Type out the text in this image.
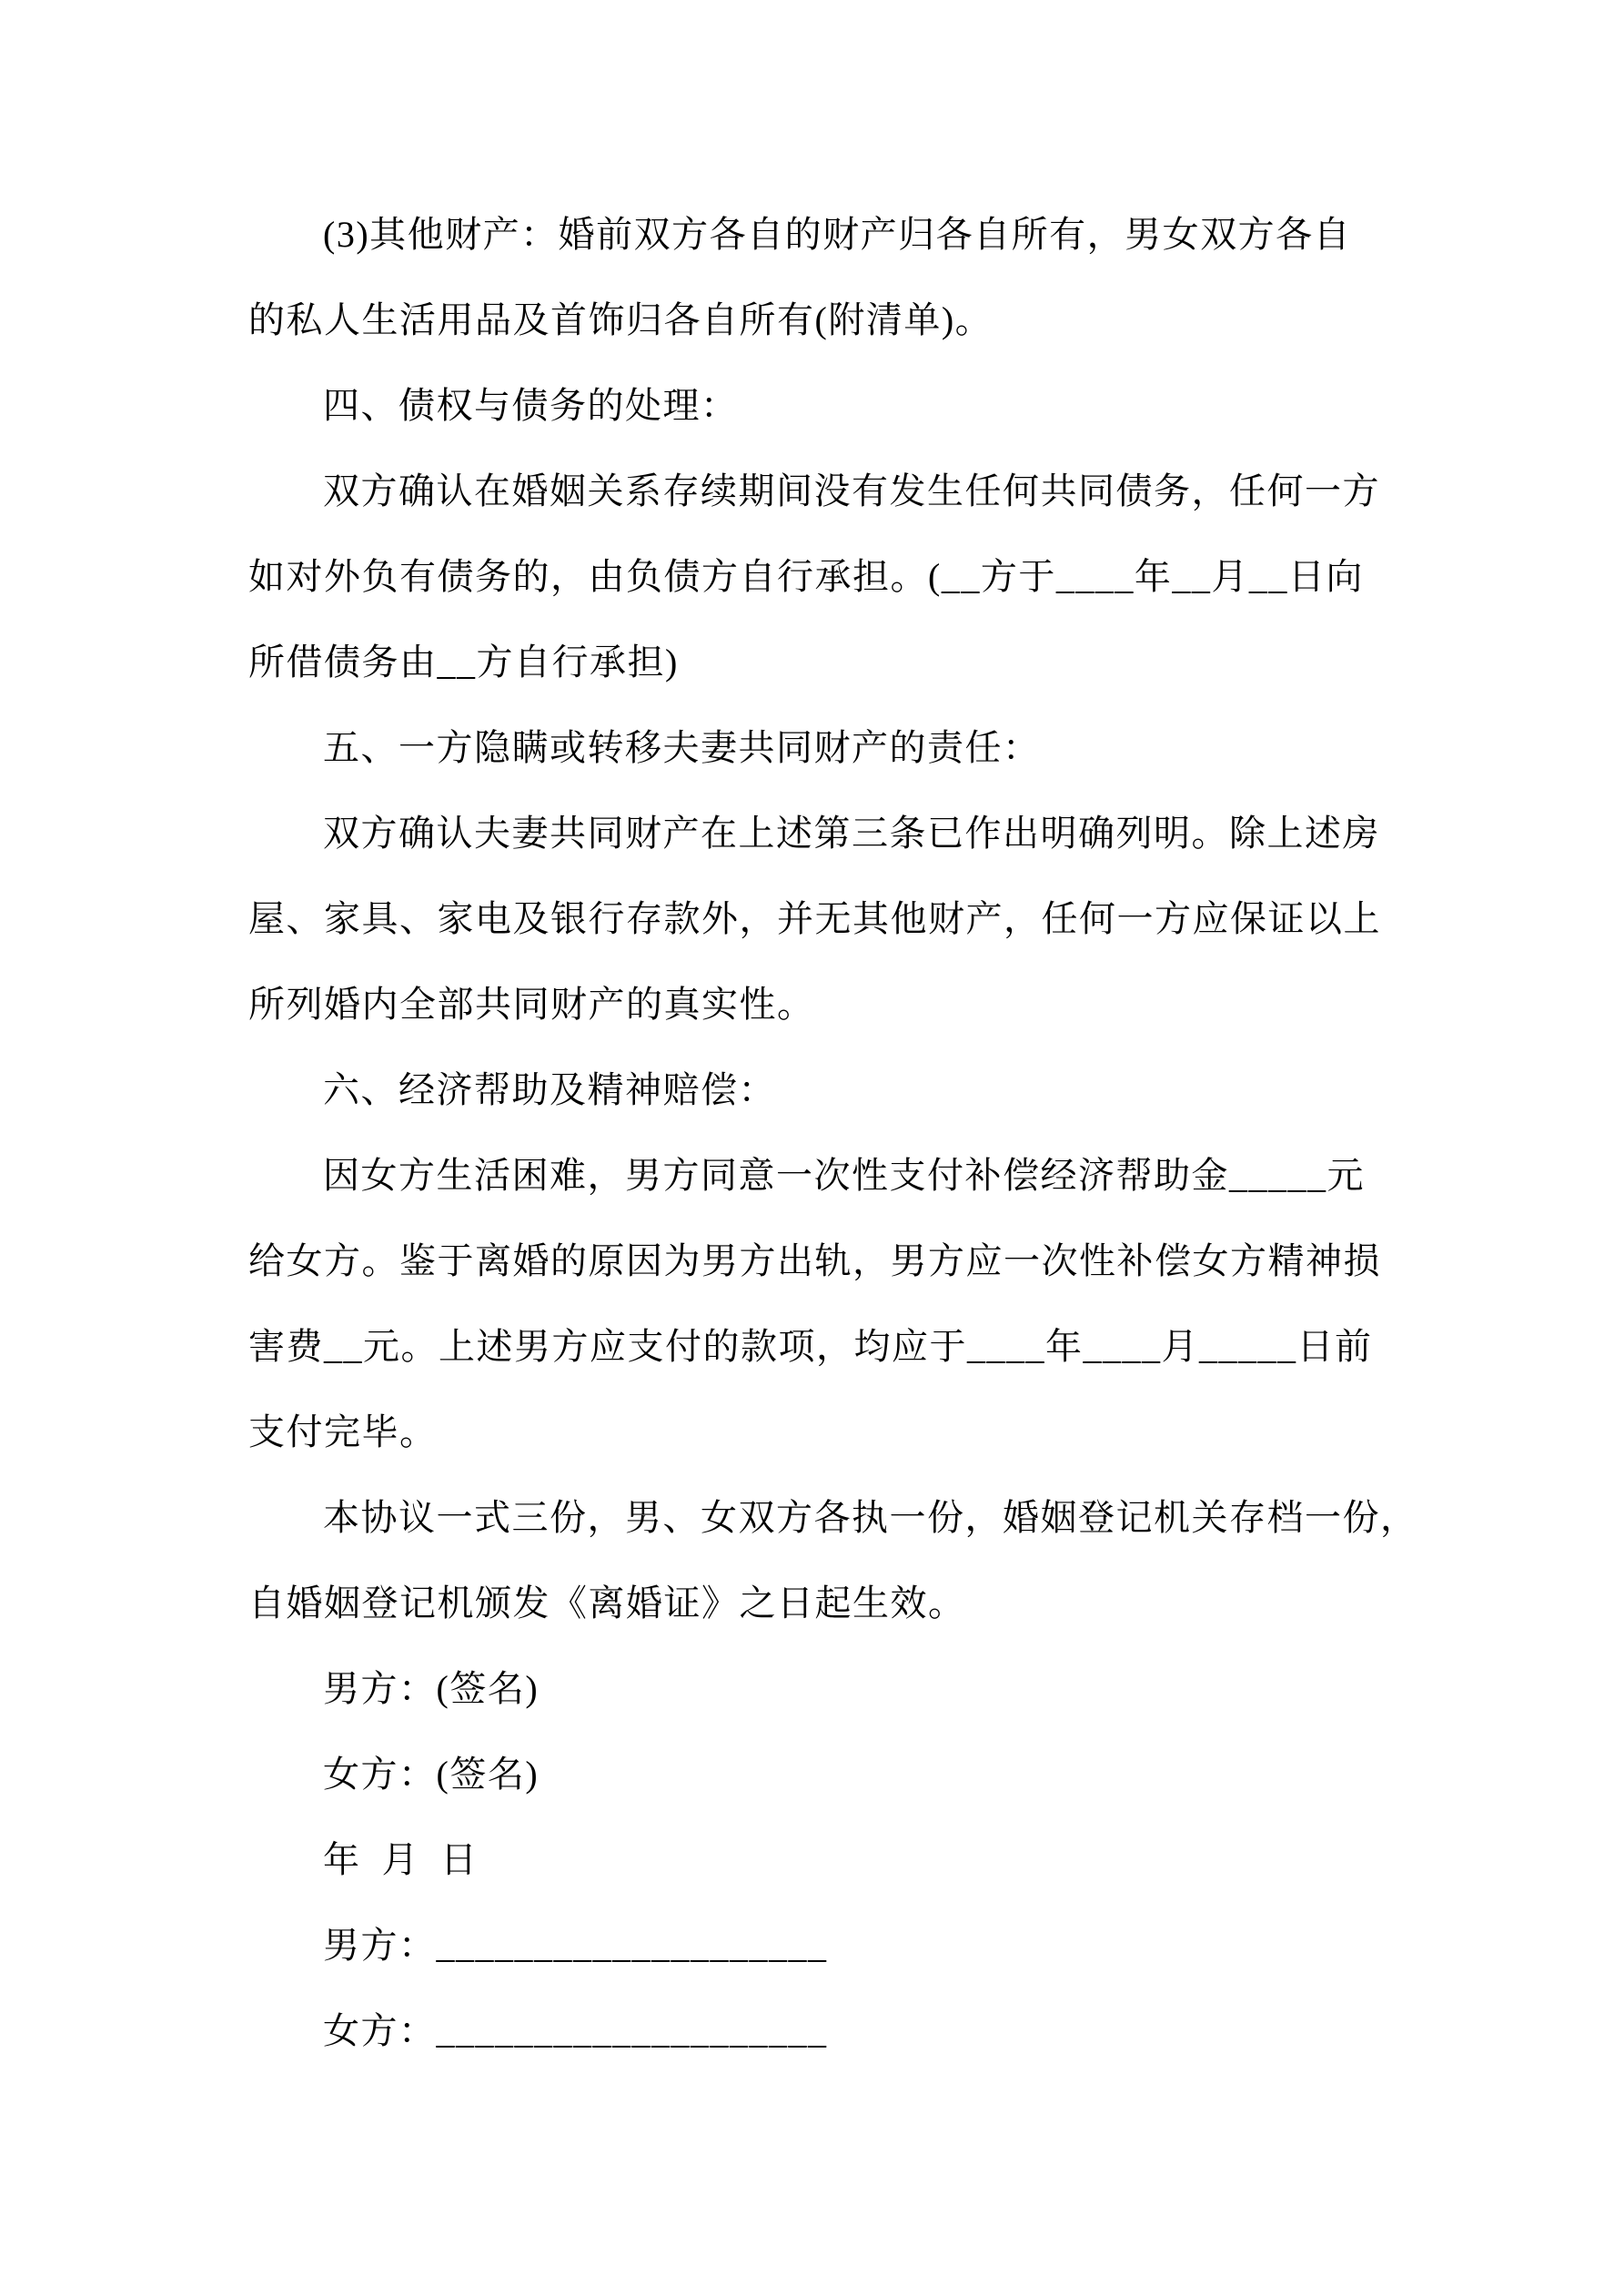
(3)其他财产：婚前双方各自的财产归各自所有，男女双方各自
的私人生活用品及首饰归各自所有(附清单)。
四、债权与债务的处理：
双方确认在婚姻关系存续期间没有发生任何共同债务，任何一方
如对外负有债务的，由负债方自行承担。(__方于____年__月__日向
所借债务由__方自行承担)
五、一方隐瞒或转移夫妻共同财产的责任：
双方确认夫妻共同财产在上述第三条已作出明确列明。除上述房
屋、家具、家电及银行存款外，并无其他财产，任何一方应保证以上
所列婚内全部共同财产的真实性。
六、经济帮助及精神赔偿：
因女方生活困难，男方同意一次性支付补偿经济帮助金_____元
给女方。鉴于离婚的原因为男方出轨，男方应一次性补偿女方精神损
害费__元。上述男方应支付的款项，均应于____年____月_____日前
支付完毕。
本协议一式三份，男、女双方各执一份，婚姻登记机关存档一份，
自婚姻登记机颁发《离婚证》之日起生效。
男方：(签名)
女方：(签名)
年  月  日
男方：____________________
女方：____________________
